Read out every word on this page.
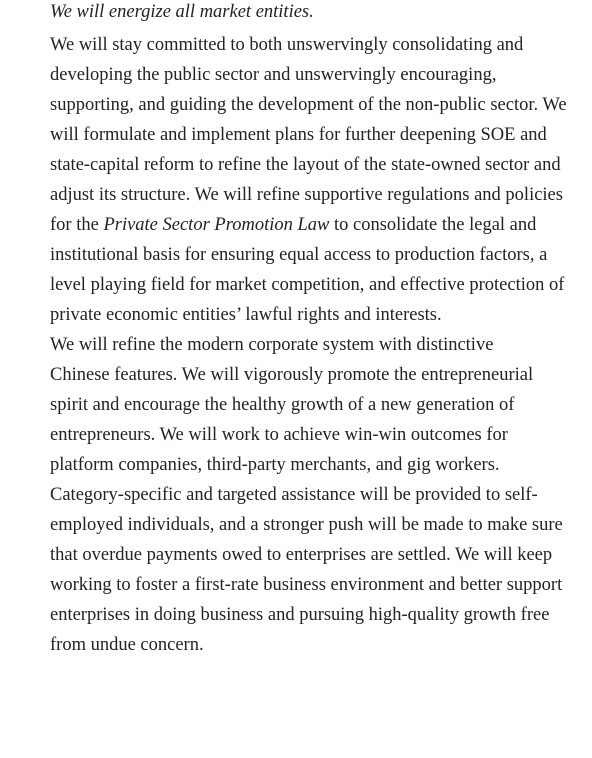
We will energize all market entities.

We will stay committed to both unswervingly consolidating and
developing the public sector and unswervingly encouraging,
supporting, and guiding the development of the non-public sector. We
will formulate and implement plans for further deepening SOE and
state-capital reform to refine the layout of the state-owned sector and
adjust its structure. We will refine supportive regulations and policies
for the Private Sector Promotion Law to consolidate the legal and
institutional basis for ensuring equal access to production factors, a
level playing field for market competition, and effective protection of
private economic entities’ lawful rights and interests.

We will refine the modern corporate system with distinctive
Chinese features. We will vigorously promote the entrepreneurial
spirit and encourage the healthy growth of a new generation of
entrepreneurs. We will work to achieve win-win outcomes for
platform companies, third-party merchants, and gig workers.
Category-specific and targeted assistance will be provided to self-
employed individuals, and a stronger push will be made to make sure
that overdue payments owed to enterprises are settled. We will keep
working to foster a first-rate business environment and better support
enterprises in doing business and pursuing high-quality growth free
from undue concern.
